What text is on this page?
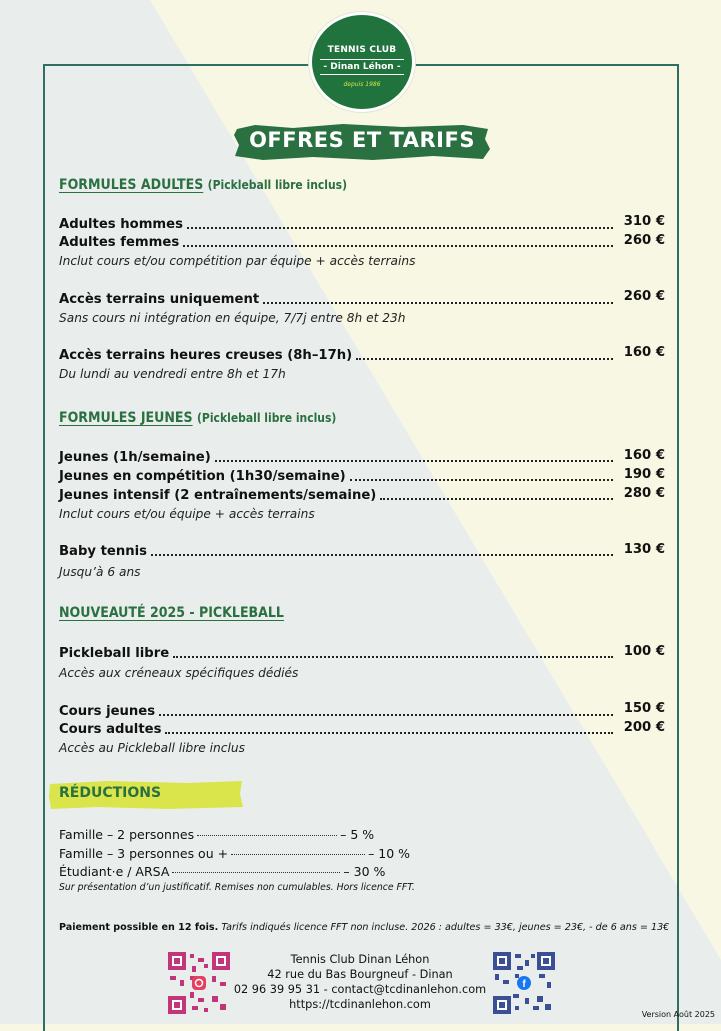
TENNIS CLUB
- Dinan Léhon -
depuis 1986
OFFRES ET TARIFS
FORMULES ADULTES (Pickleball libre inclus)
Adultes hommes	310 €
Adultes femmes	260 €
Inclut cours et/ou compétition par équipe + accès terrains
Accès terrains uniquement	260 €
Sans cours ni intégration en équipe, 7/7j entre 8h et 23h
Accès terrains heures creuses (8h–17h)	160 €
Du lundi au vendredi entre 8h et 17h
FORMULES JEUNES (Pickleball libre inclus)
Jeunes (1h/semaine)	160 €
Jeunes en compétition (1h30/semaine)	190 €
Jeunes intensif (2 entraînements/semaine)	280 €
Inclut cours et/ou équipe + accès terrains
Baby tennis	130 €
Jusqu’à 6 ans
NOUVEAUTÉ 2025 - PICKLEBALL
Pickleball libre	100 €
Accès aux créneaux spécifiques dédiés
Cours jeunes	150 €
Cours adultes	200 €
Accès au Pickleball libre inclus
RÉDUCTIONS
Famille – 2 personnes	– 5 %
Famille – 3 personnes ou +	– 10 %
Étudiant·e / ARSA	– 30 %
Sur présentation d’un justificatif. Remises non cumulables. Hors licence FFT.
Paiement possible en 12 fois. Tarifs indiqués licence FFT non incluse. 2026 : adultes = 33€, jeunes = 23€, - de 6 ans = 13€
f
Tennis Club Dinan Léhon
42 rue du Bas Bourgneuf - Dinan
02 96 39 95 31 - contact@tcdinanlehon.com
https://tcdinanlehon.com
Version Août 2025
